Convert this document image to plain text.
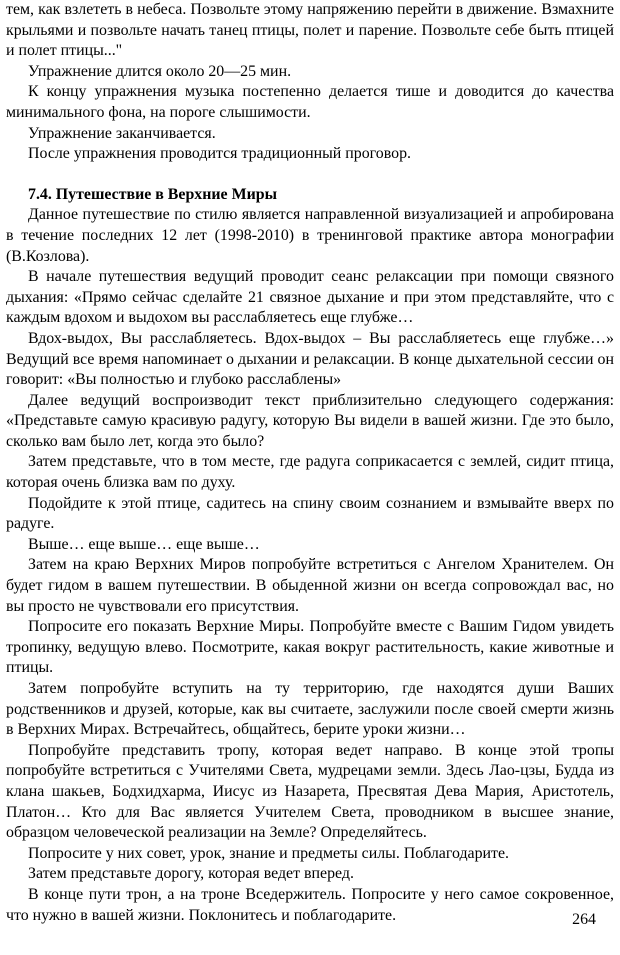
тем, как взлететь в небеса. Позвольте этому напряжению перейти в движение. Взмахните крыльями и позвольте начать танец птицы, полет и парение. Позвольте себе быть птицей и полет птицы..."

Упражнение длится около 20—25 мин.

К концу упражнения музыка постепенно делается тише и доводится до качества минимального фона, на пороге слышимости.

Упражнение заканчивается.

После упражнения проводится традиционный проговор.

7.4. Путешествие в Верхние Миры

Данное путешествие по стилю является направленной визуализацией и апробирована в течение последних 12 лет (1998-2010) в тренинговой практике автора монографии (В.Козлова).

В начале путешествия ведущий проводит сеанс релаксации при помощи связного дыхания: «Прямо сейчас сделайте 21 связное дыхание и при этом представляйте, что с каждым вдохом и выдохом вы расслабляетесь еще глубже…

Вдох-выдох, Вы расслабляетесь. Вдох-выдох – Вы расслабляетесь еще глубже…» Ведущий все время напоминает о дыхании и релаксации. В конце дыхательной сессии он говорит: «Вы полностью и глубоко расслаблены»

Далее ведущий воспроизводит текст приблизительно следующего содержания: «Представьте самую красивую радугу, которую Вы видели в вашей жизни. Где это было, сколько вам было лет, когда это было?

Затем представьте, что в том месте, где радуга соприкасается с землей, сидит птица, которая очень близка вам по духу.

Подойдите к этой птице, садитесь на спину своим сознанием и взмывайте вверх по радуге.

Выше… еще выше… еще выше…

Затем на краю Верхних Миров попробуйте встретиться с Ангелом Хранителем. Он будет гидом в вашем путешествии. В обыденной жизни он всегда сопровождал вас, но вы просто не чувствовали его присутствия.

Попросите его показать Верхние Миры. Попробуйте вместе с Вашим Гидом увидеть тропинку, ведущую влево. Посмотрите, какая вокруг растительность, какие животные и птицы.

Затем попробуйте вступить на ту территорию, где находятся души Ваших родственников и друзей, которые, как вы считаете, заслужили после своей смерти жизнь в Верхних Мирах. Встречайтесь, общайтесь, берите уроки жизни…

Попробуйте представить тропу, которая ведет направо. В конце этой тропы попробуйте встретиться с Учителями Света, мудрецами земли. Здесь Лао-цзы, Будда из клана шакьев, Бодхидхарма, Иисус из Назарета, Пресвятая Дева Мария, Аристотель, Платон… Кто для Вас является Учителем Света, проводником в высшее знание, образцом человеческой реализации на Земле? Определяйтесь.

Попросите у них совет, урок, знание и предметы силы. Поблагодарите.

Затем представьте дорогу, которая ведет вперед.

В конце пути трон, а на троне Вседержитель. Попросите у него самое сокровенное, что нужно в вашей жизни. Поклонитесь и поблагодарите.	264
